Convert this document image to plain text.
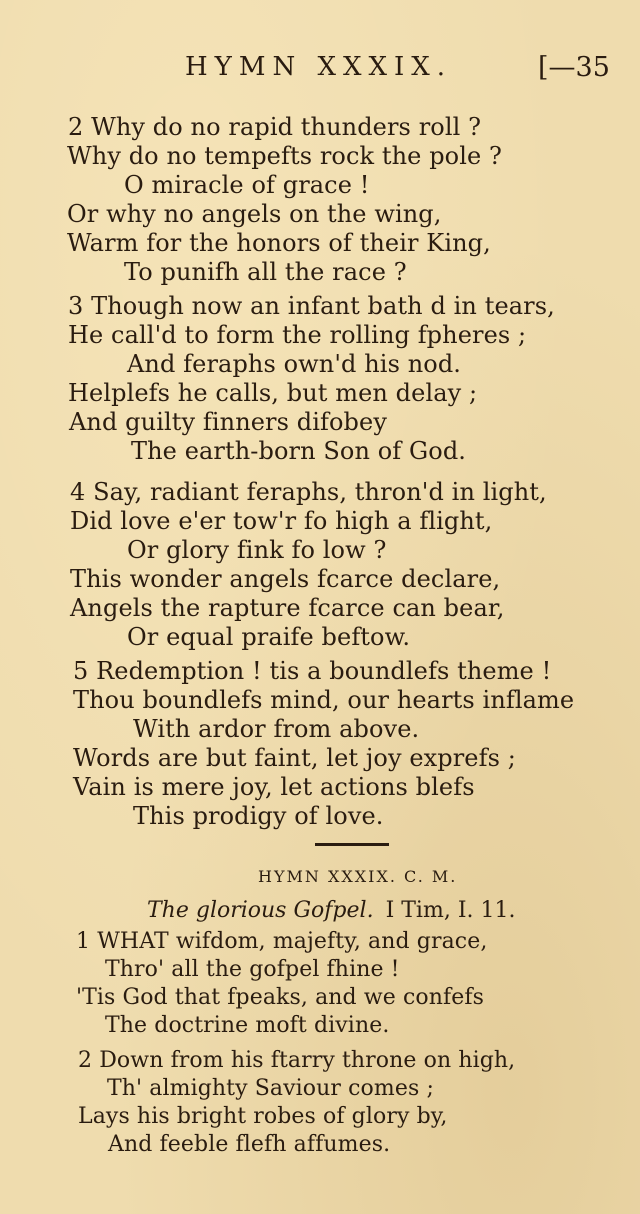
HYMN XXXIX.	[—35
2 Why do no rapid thunders roll ?
Why do no tempefts rock the pole ?
O miracle of grace !
Or why no angels on the wing,
Warm for the honors of their King,
To punifh all the race ?
3 Though now an infant bath d in tears,
He call'd to form the rolling fpheres ;
And feraphs own'd his nod.
Helplefs he calls, but men delay ;
And guilty finners difobey
The earth-born Son of God.
4 Say, radiant feraphs, thron'd in light,
Did love e'er tow'r fo high a flight,
Or glory fink fo low ?
This wonder angels fcarce declare,
Angels the rapture fcarce can bear,
Or equal praife beftow.
5 Redemption ! tis a boundlefs theme !
Thou boundlefs mind, our hearts inflame
With ardor from above.
Words are but faint, let joy exprefs ;
Vain is mere joy, let actions blefs
This prodigy of love.
HYMN XXXIX. C. M.
The glorious Gofpel. I Tim, I. 11.
1 WHAT wifdom, majefty, and grace,
Thro' all the gofpel fhine !
'Tis God that fpeaks, and we confefs
The doctrine moft divine.
2 Down from his ftarry throne on high,
Th' almighty Saviour comes ;
Lays his bright robes of glory by,
And feeble flefh affumes.
